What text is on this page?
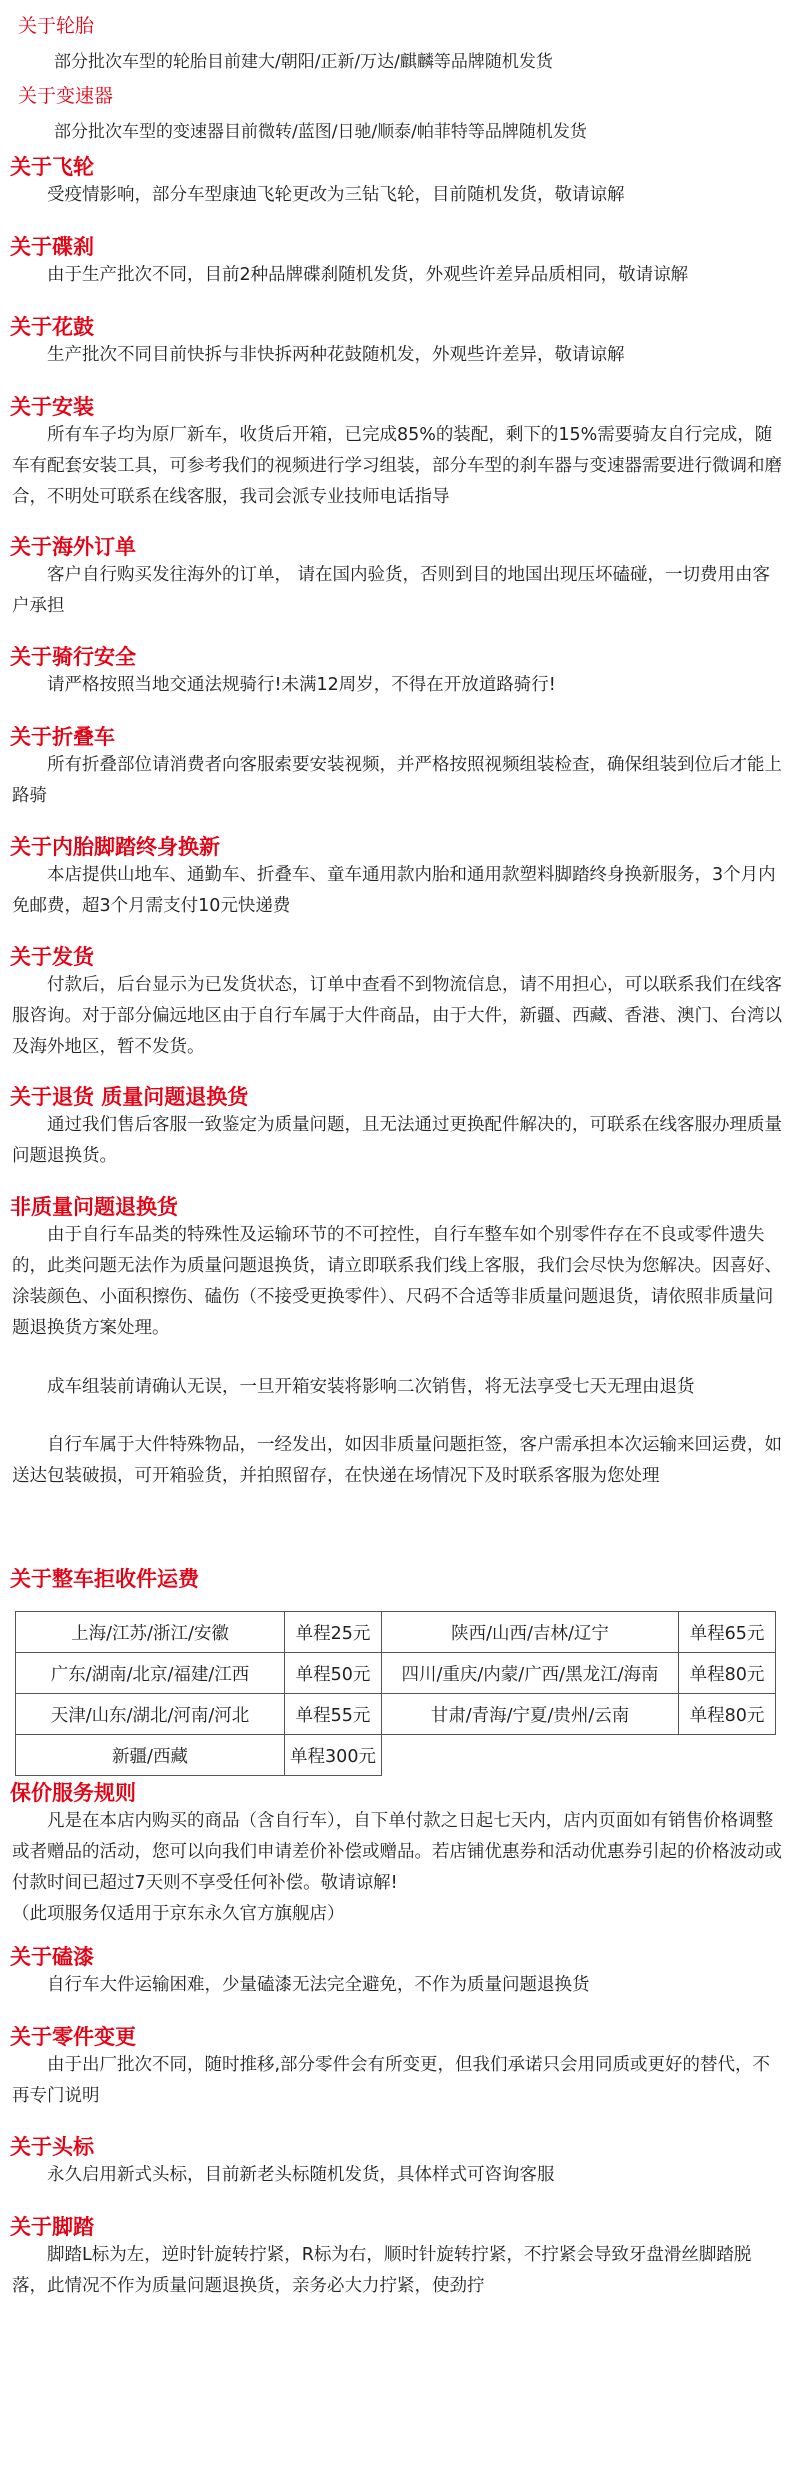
关于轮胎
部分批次车型的轮胎目前建大/朝阳/正新/万达/麒麟等品牌随机发货
关于变速器
部分批次车型的变速器目前微转/蓝图/日驰/顺泰/帕菲特等品牌随机发货
关于飞轮
受疫情影响，部分车型康迪飞轮更改为三钻飞轮，目前随机发货，敬请谅解
关于碟刹
由于生产批次不同，目前2种品牌碟刹随机发货，外观些许差异品质相同，敬请谅解
关于花鼓
生产批次不同目前快拆与非快拆两种花鼓随机发，外观些许差异，敬请谅解
关于安装
所有车子均为原厂新车，收货后开箱，已完成85%的装配，剩下的15%需要骑友自行完成，随车有配套安装工具，可参考我们的视频进行学习组装，部分车型的刹车器与变速器需要进行微调和磨合，不明处可联系在线客服，我司会派专业技师电话指导
关于海外订单
客户自行购买发往海外的订单， 请在国内验货，否则到目的地国出现压坏磕碰，一切费用由客户承担
关于骑行安全
请严格按照当地交通法规骑行!未满12周岁，不得在开放道路骑行!
关于折叠车
所有折叠部位请消费者向客服索要安装视频，并严格按照视频组装检查，确保组装到位后才能上路骑
关于内胎脚踏终身换新
本店提供山地车、通勤车、折叠车、童车通用款内胎和通用款塑料脚踏终身换新服务，3个月内免邮费，超3个月需支付10元快递费
关于发货
付款后，后台显示为已发货状态，订单中查看不到物流信息，请不用担心，可以联系我们在线客服咨询。对于部分偏远地区由于自行车属于大件商品，由于大件，新疆、西藏、香港、澳门、台湾以及海外地区，暂不发货。
关于退货 质量问题退换货
通过我们售后客服一致鉴定为质量问题，且无法通过更换配件解决的，可联系在线客服办理质量问题退换货。
非质量问题退换货
由于自行车品类的特殊性及运输环节的不可控性，自行车整车如个别零件存在不良或零件遗失的，此类问题无法作为质量问题退换货，请立即联系我们线上客服，我们会尽快为您解决。因喜好、涂装颜色、小面积擦伤、磕伤（不接受更换零件）、尺码不合适等非质量问题退货，请依照非质量问题退换货方案处理。
成车组装前请确认无误，一旦开箱安装将影响二次销售，将无法享受七天无理由退货
自行车属于大件特殊物品，一经发出，如因非质量问题拒签，客户需承担本次运输来回运费，如送达包装破损，可开箱验货，并拍照留存，在快递在场情况下及时联系客服为您处理
关于整车拒收件运费
上海/江苏/浙江/安徽	单程25元	陕西/山西/吉林/辽宁	单程65元
广东/湖南/北京/福建/江西	单程50元	四川/重庆/内蒙/广西/黑龙江/海南	单程80元
天津/山东/湖北/河南/河北	单程55元	甘肃/青海/宁夏/贵州/云南	单程80元
新疆/西藏	单程300元		
保价服务规则
凡是在本店内购买的商品（含自行车），自下单付款之日起七天内，店内页面如有销售价格调整或者赠品的活动，您可以向我们申请差价补偿或赠品。若店铺优惠券和活动优惠券引起的价格波动或付款时间已超过7天则不享受任何补偿。敬请谅解!
（此项服务仅适用于京东永久官方旗舰店）
关于磕漆
自行车大件运输困难，少量磕漆无法完全避免，不作为质量问题退换货
关于零件变更
由于出厂批次不同，随时推移,部分零件会有所变更，但我们承诺只会用同质或更好的替代，不再专门说明
关于头标
永久启用新式头标，目前新老头标随机发货，具体样式可咨询客服
关于脚踏
脚踏L标为左，逆时针旋转拧紧，R标为右，顺时针旋转拧紧，不拧紧会导致牙盘滑丝脚踏脱落，此情况不作为质量问题退换货，亲务必大力拧紧，使劲拧
